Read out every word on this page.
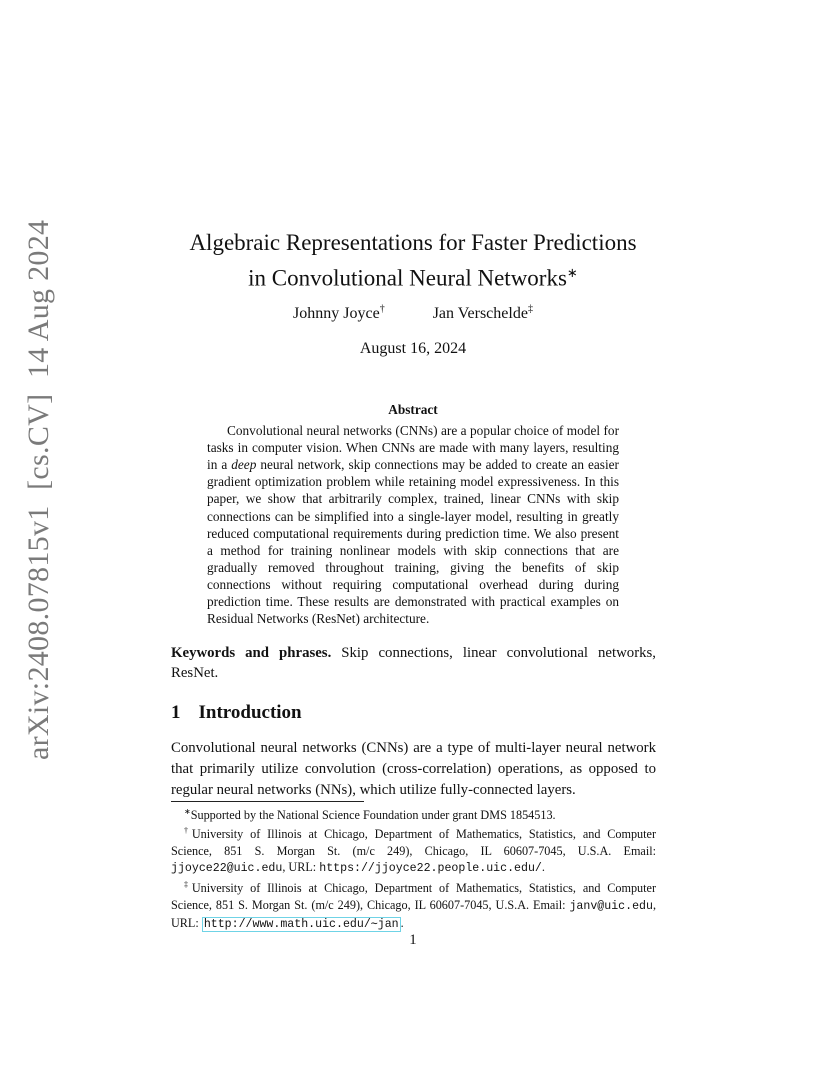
arXiv:2408.07815v1  [cs.CV]  14 Aug 2024	Algebraic Representations for Faster Predictions
in Convolutional Neural Networks∗
Johnny Joyce†	Jan Verschelde‡
August 16, 2024
Abstract

Convolutional neural networks (CNNs) are a popular choice of model for tasks in computer vision. When CNNs are made with many layers, resulting in a deep neural network, skip connections may be added to create an easier gradient optimization problem while retaining model expressiveness. In this paper, we show that arbitrarily complex, trained, linear CNNs with skip connections can be simplified into a single-layer model, resulting in greatly reduced computational requirements during prediction time. We also present a method for training nonlinear models with skip connections that are gradually removed throughout training, giving the benefits of skip connections without requiring computational overhead during during prediction time. These results are demonstrated with practical examples on Residual Networks (ResNet) architecture.

Keywords and phrases. Skip connections, linear convolutional networks, ResNet.

1 Introduction

Convolutional neural networks (CNNs) are a type of multi-layer neural network that primarily utilize convolution (cross-correlation) operations, as opposed to regular neural networks (NNs), which utilize fully-connected layers.

∗Supported by the National Science Foundation under grant DMS 1854513.

†University of Illinois at Chicago, Department of Mathematics, Statistics, and Computer Science, 851 S. Morgan St. (m/c 249), Chicago, IL 60607-7045, U.S.A. Email: jjoyce22@uic.edu, URL: https://jjoyce22.people.uic.edu/.

‡University of Illinois at Chicago, Department of Mathematics, Statistics, and Computer Science, 851 S. Morgan St. (m/c 249), Chicago, IL 60607-7045, U.S.A. Email: janv@uic.edu, URL: http://www.math.uic.edu/∼jan .

1
